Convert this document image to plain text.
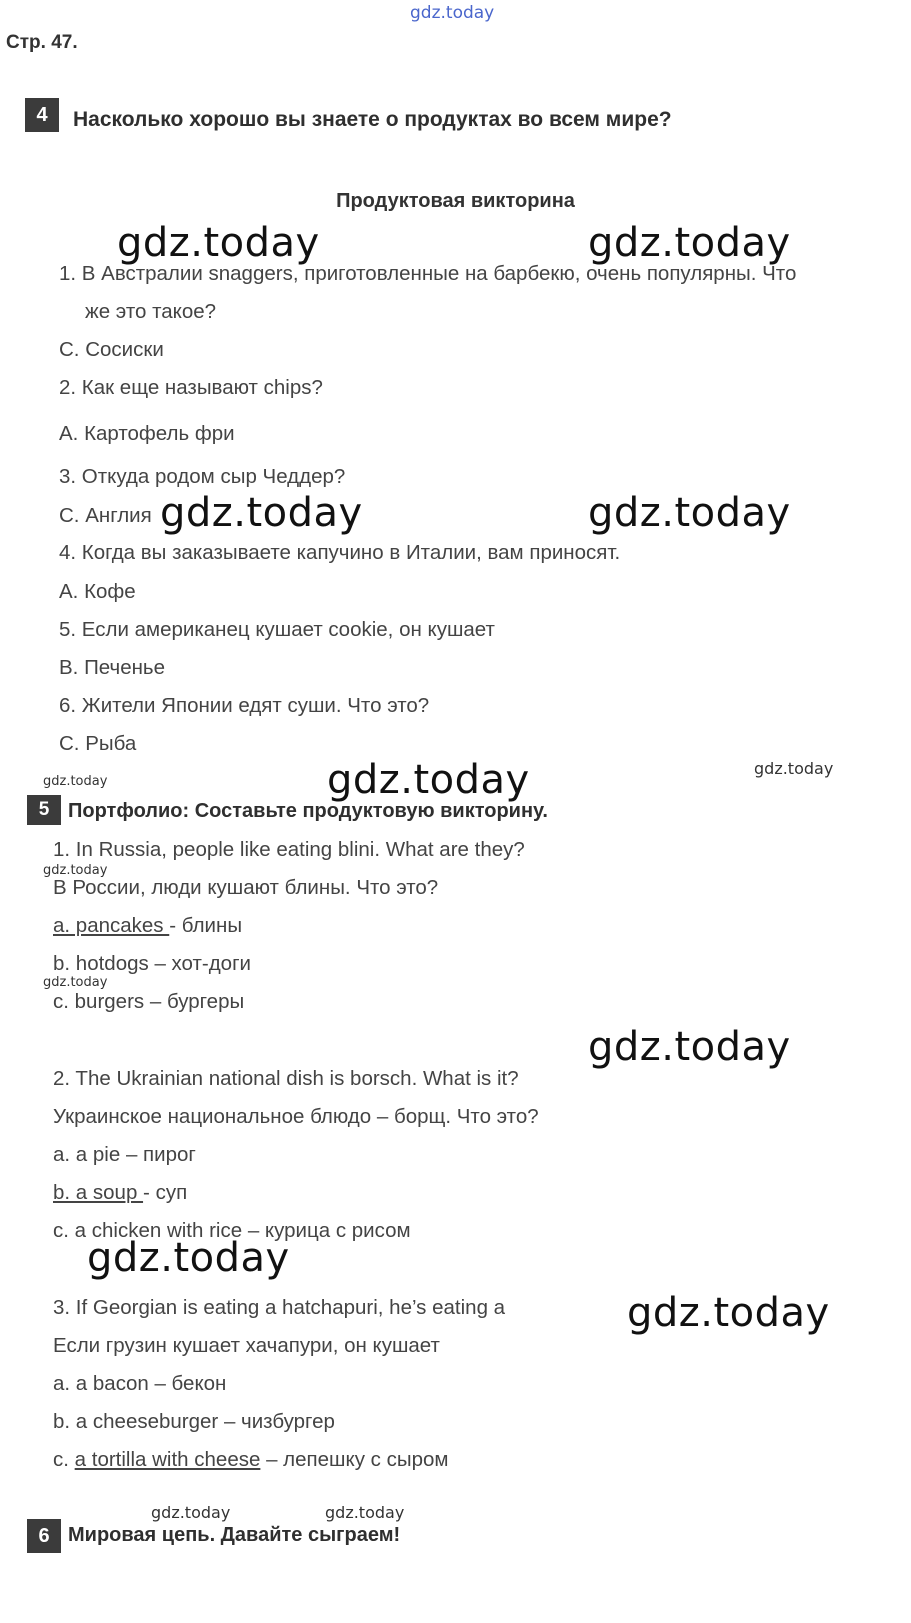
gdz.today
Стр. 47.
4	Насколько хорошо вы знаете о продуктах во всем мире?
Продуктовая викторина
1. В Австралии snaggers, приготовленные на барбекю, очень популярны. Что
же это такое?
С. Сосиски
2. Как еще называют chips?
А. Картофель фри
3. Откуда родом сыр Чеддер?
С. Англия
4. Когда вы заказываете капучино в Италии, вам приносят.
А. Кофе
5. Если американец кушает cookie, он кушает
В. Печенье
6. Жители Японии едят суши. Что это?
С. Рыба
5 Портфолио: Составьте продуктовую викторину.
1. In Russia, people like eating blini. What are they?
В России, люди кушают блины. Что это?
a. pancakes - блины
b. hotdogs – хот-доги
c. burgers – бургеры
2. The Ukrainian national dish is borsch. What is it?
Украинское национальное блюдо – борщ. Что это?
a. a pie – пирог
b. a soup - суп
c. a chicken with rice – курица с рисом
3. If Georgian is eating a hatchapuri, he’s eating a
Если грузин кушает хачапури, он кушает
a. a bacon – бекон
b. a cheeseburger – чизбургер
c. a tortilla with cheese – лепешку с сыром
6 Мировая цепь. Давайте сыграем!
gdz.today	gdz.today
gdz.today	gdz.today
gdz.today
gdz.today
gdz.today
gdz.today
gdz.today
gdz.today
gdz.today
gdz.today
gdz.today	gdz.today
